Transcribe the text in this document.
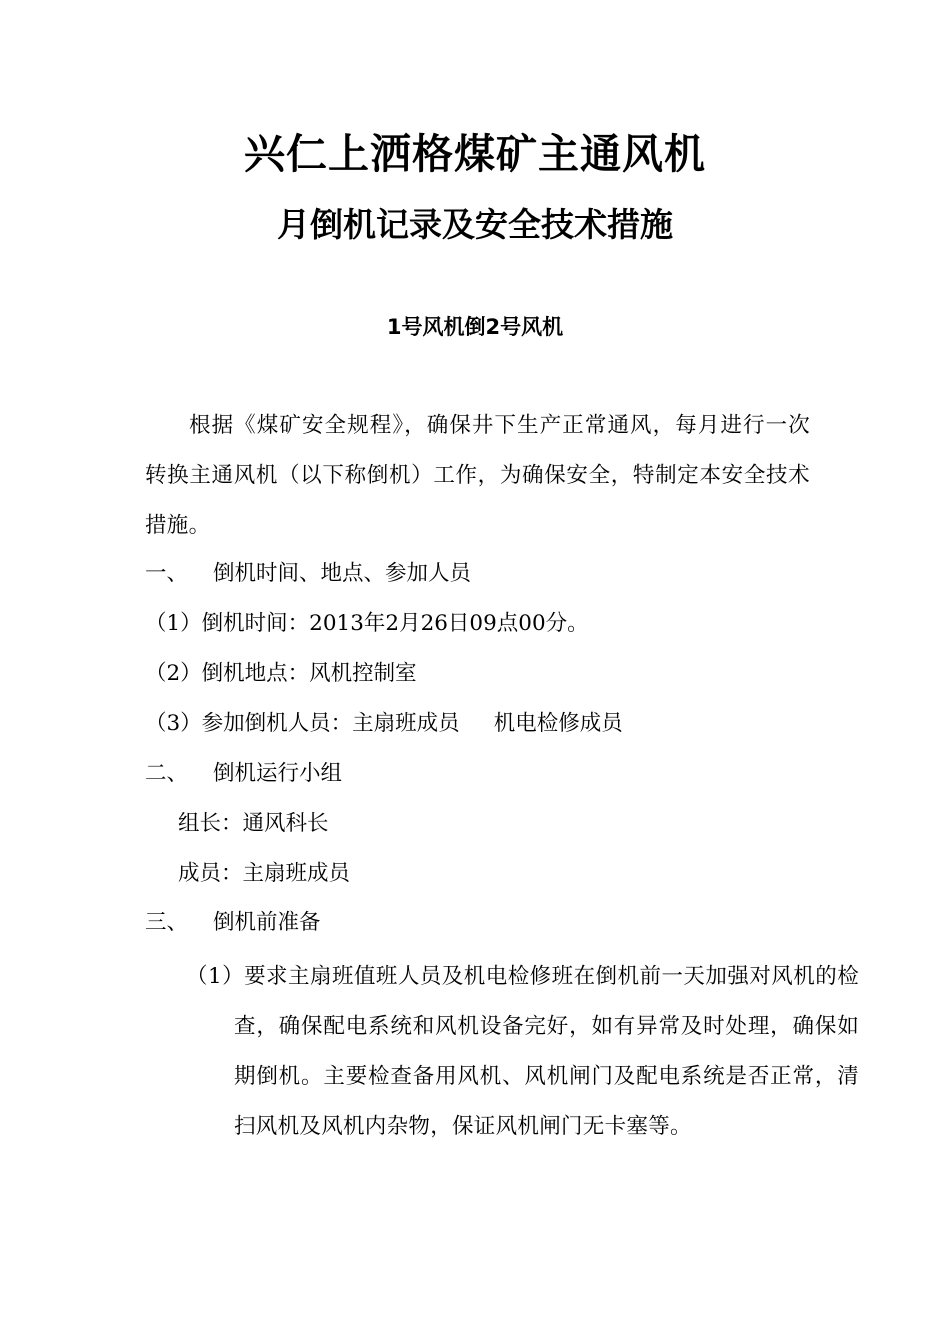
兴仁上洒格煤矿主通风机
月倒机记录及安全技术措施
1号风机倒2号风机

根据《煤矿安全规程》，确保井下生产正常通风，每月进行一次转换主通风机（以下称倒机）工作，为确保安全，特制定本安全技术措施。

一、 倒机时间、地点、参加人员
（1）倒机时间：2013年2月26日09点00分。
（2）倒机地点：风机控制室
（3）参加倒机人员：主扇班成员 机电检修成员
二、 倒机运行小组
组长：通风科长
成员：主扇班成员
三、 倒机前准备

（1）要求主扇班值班人员及机电检修班在倒机前一天加强对风机的检查，确保配电系统和风机设备完好，如有异常及时处理，确保如期倒机。主要检查备用风机、风机闸门及配电系统是否正常，清扫风机及风机内杂物，保证风机闸门无卡塞等。
